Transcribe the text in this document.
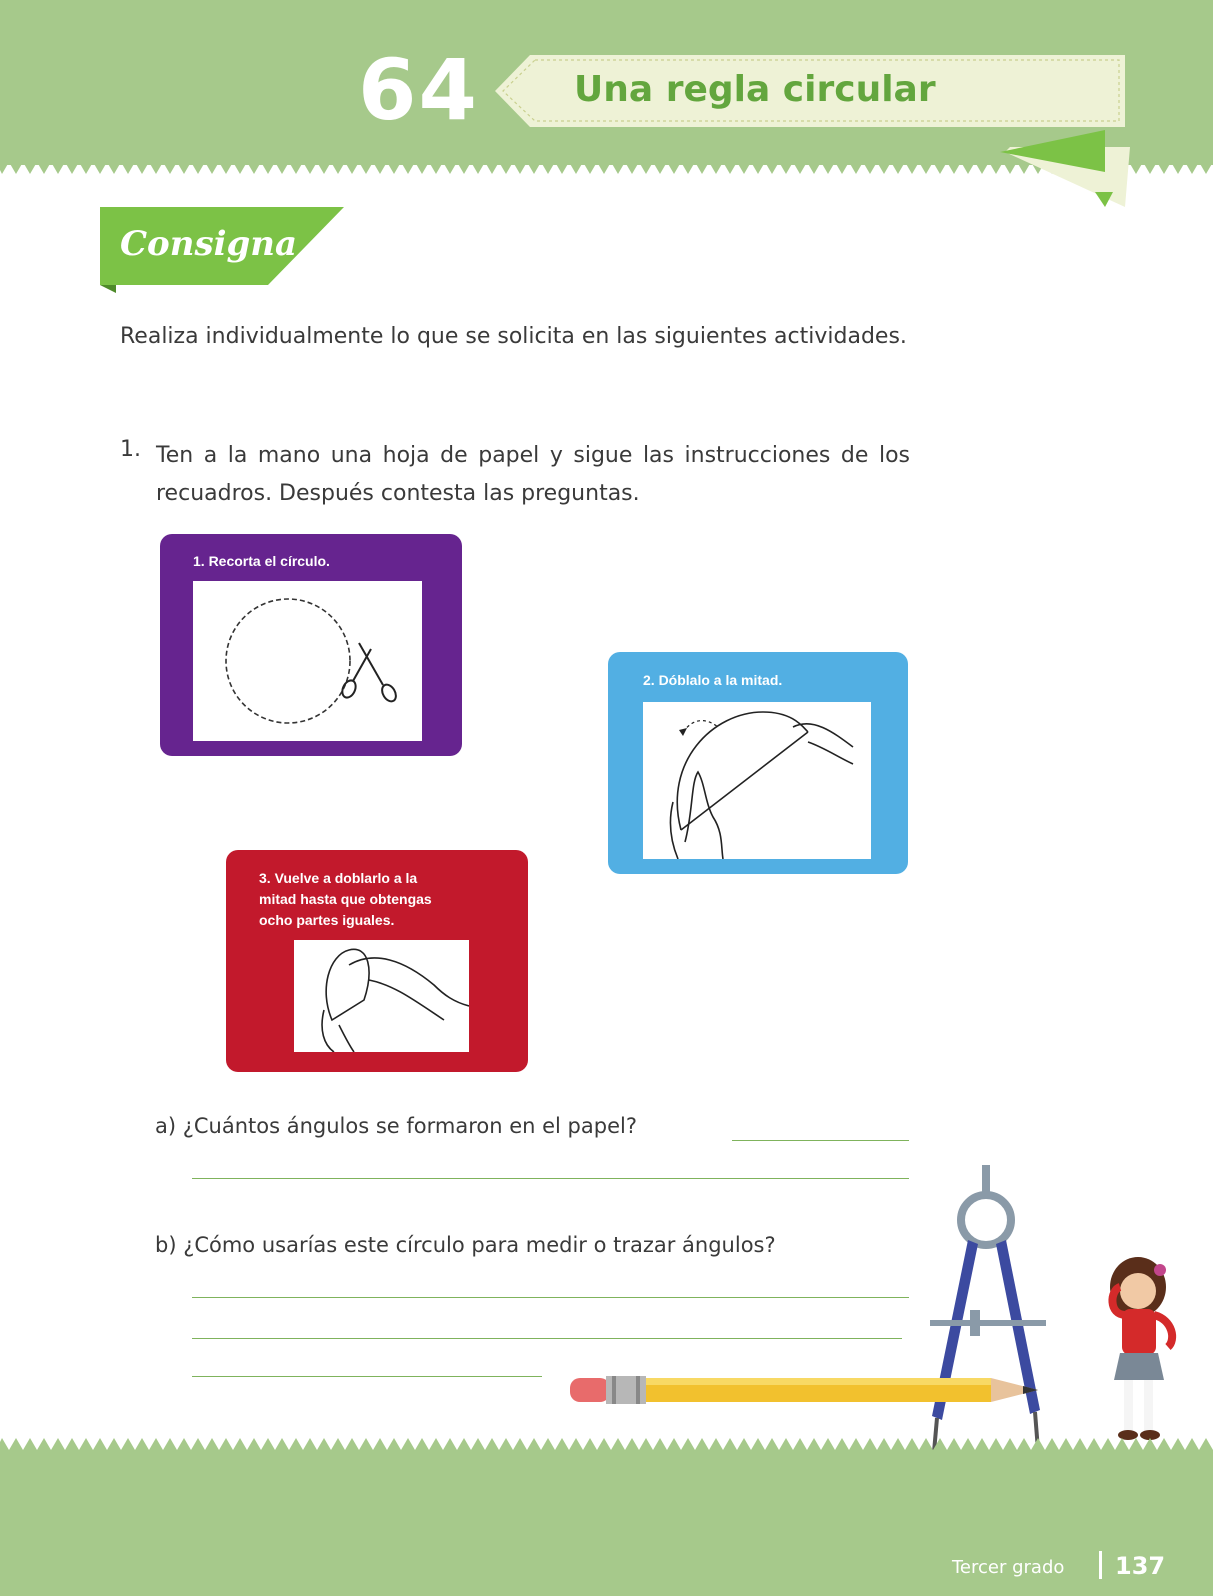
64	Una regla circular
Consigna
Realiza individualmente lo que se solicita en las siguientes actividades.
1. Ten a la mano una hoja de papel y sigue las instrucciones de los recuadros. Después contesta las preguntas.
1. Recorta el círculo.
2. Dóblalo a la mitad.
3. Vuelve a doblarlo a la
mitad hasta que obtengas
ocho partes iguales.
a) ¿Cuántos ángulos se formaron en el papel?
b) ¿Cómo usarías este círculo para medir o trazar ángulos?
Tercer grado 137
